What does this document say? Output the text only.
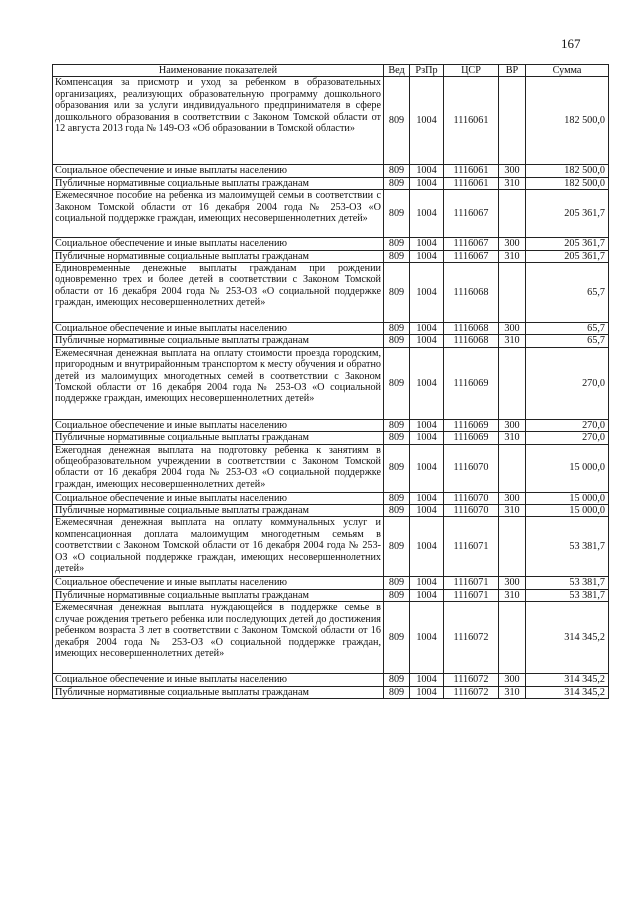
167
Наименование показателей	Вед	РзПр	ЦСР	ВР	Сумма
Компенсация за присмотр и уход за ребенком в образовательных организациях, реализующих образовательную программу дошкольного образования или за услуги индивидуального предпринимателя в сфере дошкольного образования в соответствии с Законом Томской области от 12 августа 2013 года № 149-ОЗ «Об образовании в Томской области»	809	1004	1116061		182 500,0
Социальное обеспечение и иные выплаты населению	809	1004	1116061	300	182 500,0
Публичные нормативные социальные выплаты гражданам	809	1004	1116061	310	182 500,0
Ежемесячное пособие на ребенка из малоимущей семьи в соответствии с Законом Томской области от 16 декабря 2004 года № 253-ОЗ «О социальной поддержке граждан, имеющих несовершеннолетних детей»	809	1004	1116067		205 361,7
Социальное обеспечение и иные выплаты населению	809	1004	1116067	300	205 361,7
Публичные нормативные социальные выплаты гражданам	809	1004	1116067	310	205 361,7
Единовременные денежные выплаты гражданам при рождении одновременно трех и более детей в соответствии с Законом Томской области от 16 декабря 2004 года № 253-ОЗ «О социальной поддержке граждан, имеющих несовершеннолетних детей»	809	1004	1116068		65,7
Социальное обеспечение и иные выплаты населению	809	1004	1116068	300	65,7
Публичные нормативные социальные выплаты гражданам	809	1004	1116068	310	65,7
Ежемесячная денежная выплата на оплату стоимости проезда городским, пригородным и внутрирайонным транспортом к месту обучения и обратно детей из малоимущих многодетных семей в соответствии с Законом Томской области от 16 декабря 2004 года № 253-ОЗ «О социальной поддержке граждан, имеющих несовершеннолетних детей»	809	1004	1116069		270,0
Социальное обеспечение и иные выплаты населению	809	1004	1116069	300	270,0
Публичные нормативные социальные выплаты гражданам	809	1004	1116069	310	270,0
Ежегодная денежная выплата на подготовку ребенка к занятиям в общеобразовательном учреждении в соответствии с Законом Томской области от 16 декабря 2004 года № 253-ОЗ «О социальной поддержке граждан, имеющих несовершеннолетних детей»	809	1004	1116070		15 000,0
Социальное обеспечение и иные выплаты населению	809	1004	1116070	300	15 000,0
Публичные нормативные социальные выплаты гражданам	809	1004	1116070	310	15 000,0
Ежемесячная денежная выплата на оплату коммунальных услуг и компенсационная доплата малоимущим многодетным семьям в соответствии с Законом Томской области от 16 декабря 2004 года № 253-ОЗ «О социальной поддержке граждан, имеющих несовершеннолетних детей»	809	1004	1116071		53 381,7
Социальное обеспечение и иные выплаты населению	809	1004	1116071	300	53 381,7
Публичные нормативные социальные выплаты гражданам	809	1004	1116071	310	53 381,7
Ежемесячная денежная выплата нуждающейся в поддержке семье в случае рождения третьего ребенка или последующих детей до достижения ребенком возраста 3 лет в соответствии с Законом Томской области от 16 декабря 2004 года № 253-ОЗ «О социальной поддержке граждан, имеющих несовершеннолетних детей»	809	1004	1116072		314 345,2
Социальное обеспечение и иные выплаты населению	809	1004	1116072	300	314 345,2
Публичные нормативные социальные выплаты гражданам	809	1004	1116072	310	314 345,2
